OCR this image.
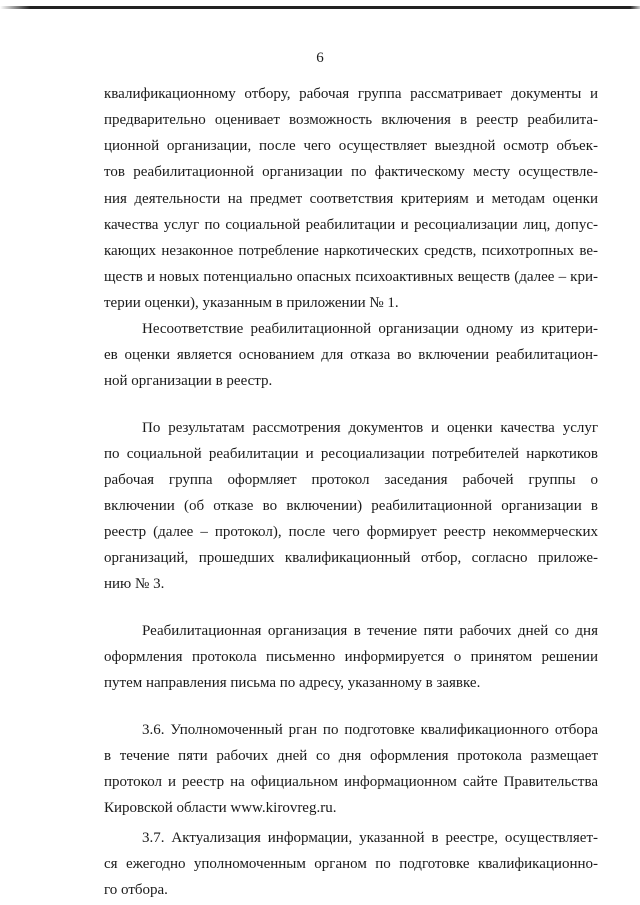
6
квалификационному отбору, рабочая группа рассматривает документы и
предварительно оценивает возможность включения в реестр реабилита-
ционной организации, после чего осуществляет выездной осмотр объек-
тов реабилитационной организации по фактическому месту осуществле-
ния деятельности на предмет соответствия критериям и методам оценки
качества услуг по социальной реабилитации и ресоциализации лиц, допус-
кающих незаконное потребление наркотических средств, психотропных ве-
ществ и новых потенциально опасных психоактивных веществ (далее – кри-
терии оценки), указанным в приложении № 1.
Несоответствие реабилитационной организации одному из критери-
ев оценки является основанием для отказа во включении реабилитацион-
ной организации в реестр.
По результатам рассмотрения документов и оценки качества услуг
по социальной реабилитации и ресоциализации потребителей наркотиков
рабочая группа оформляет протокол заседания рабочей группы о
включении (об отказе во включении) реабилитационной организации в
реестр (далее – протокол), после чего формирует реестр некоммерческих
организаций, прошедших квалификационный отбор, согласно приложе-
нию № 3.
Реабилитационная организация в течение пяти рабочих дней со дня
оформления протокола письменно информируется о принятом решении
путем направления письма по адресу, указанному в заявке.
3.6. Уполномоченный рган по подготовке квалификационного отбора
в течение пяти рабочих дней со дня оформления протокола размещает
протокол и реестр на официальном информационном сайте Правительства
Кировской области www.kirovreg.ru.
3.7. Актуализация информации, указанной в реестре, осуществляет-
ся ежегодно уполномоченным органом по подготовке квалификационно-
го отбора.
